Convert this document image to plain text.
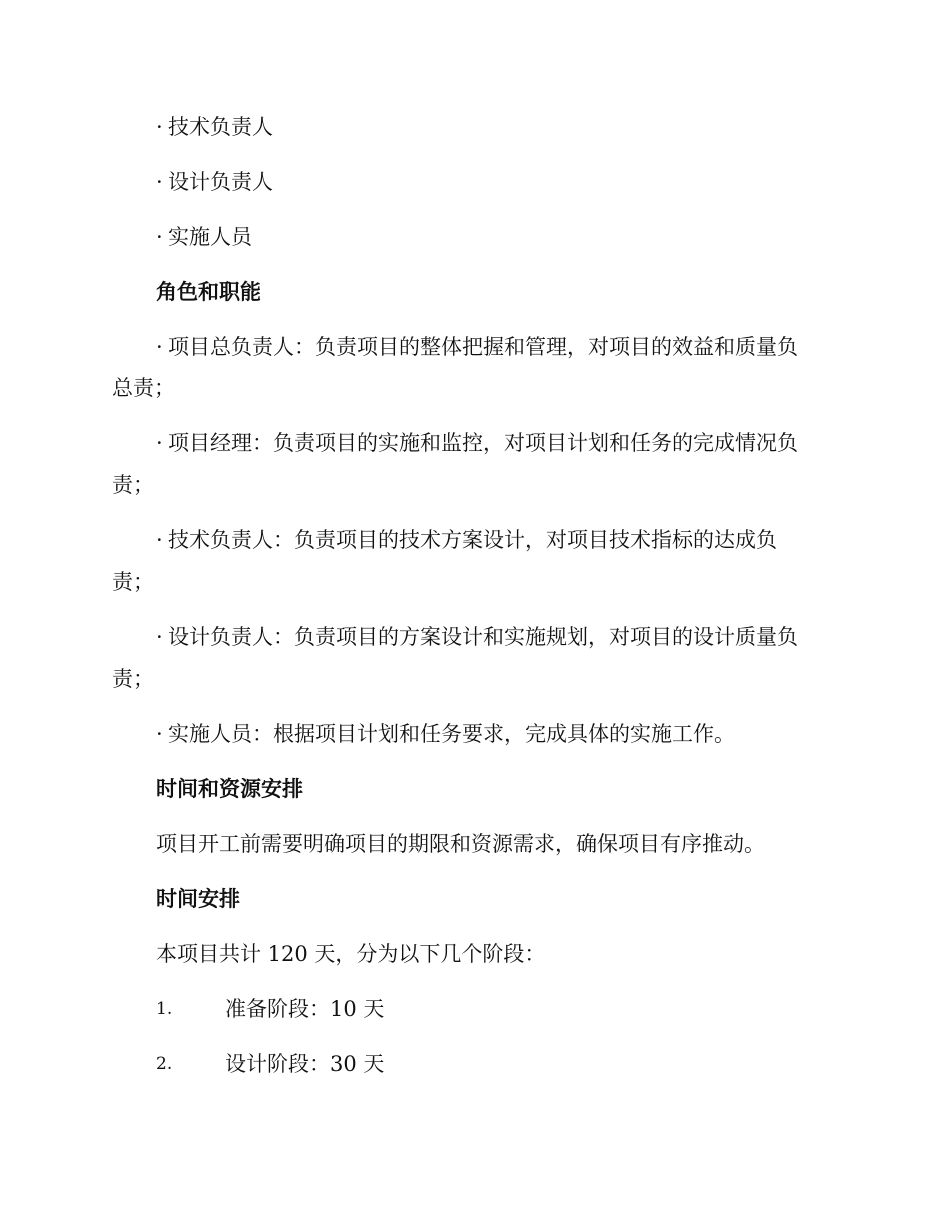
· 技术负责人
· 设计负责人
· 实施人员
角色和职能
· 项目总负责人：负责项目的整体把握和管理，对项目的效益和质量负
总责；
· 项目经理：负责项目的实施和监控，对项目计划和任务的完成情况负
责；
· 技术负责人：负责项目的技术方案设计，对项目技术指标的达成负
责；
· 设计负责人：负责项目的方案设计和实施规划，对项目的设计质量负
责；
· 实施人员：根据项目计划和任务要求，完成具体的实施工作。
时间和资源安排
项目开工前需要明确项目的期限和资源需求，确保项目有序推动。
时间安排
本项目共计 120 天，分为以下几个阶段：
1.	准备阶段：10 天
2.	设计阶段：30 天
